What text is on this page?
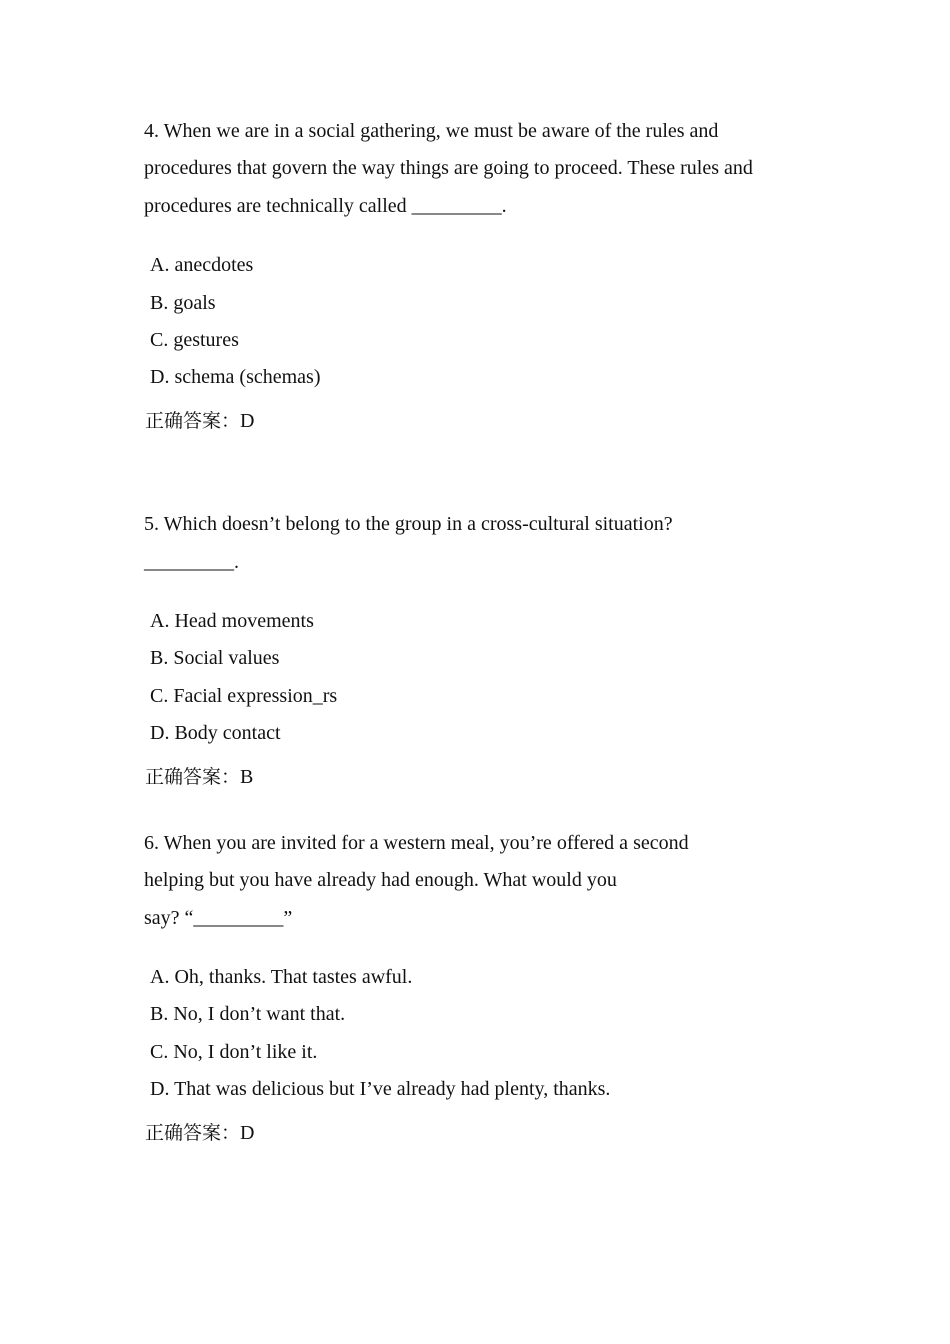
4. When we are in a social gathering, we must be aware of the rules and
procedures that govern the way things are going to proceed. These rules and
procedures are technically called _________.
A. anecdotes
B. goals
C. gestures
D. schema (schemas)
正确答案：D
5. Which doesn’t belong to the group in a cross-cultural situation?
_________.
A. Head movements
B. Social values
C. Facial expression_rs
D. Body contact
正确答案：B
6. When you are invited for a western meal, you’re offered a second
helping but you have already had enough. What would you
say? “_________”
A. Oh, thanks. That tastes awful.
B. No, I don’t want that.
C. No, I don’t like it.
D. That was delicious but I’ve already had plenty, thanks.
正确答案：D
